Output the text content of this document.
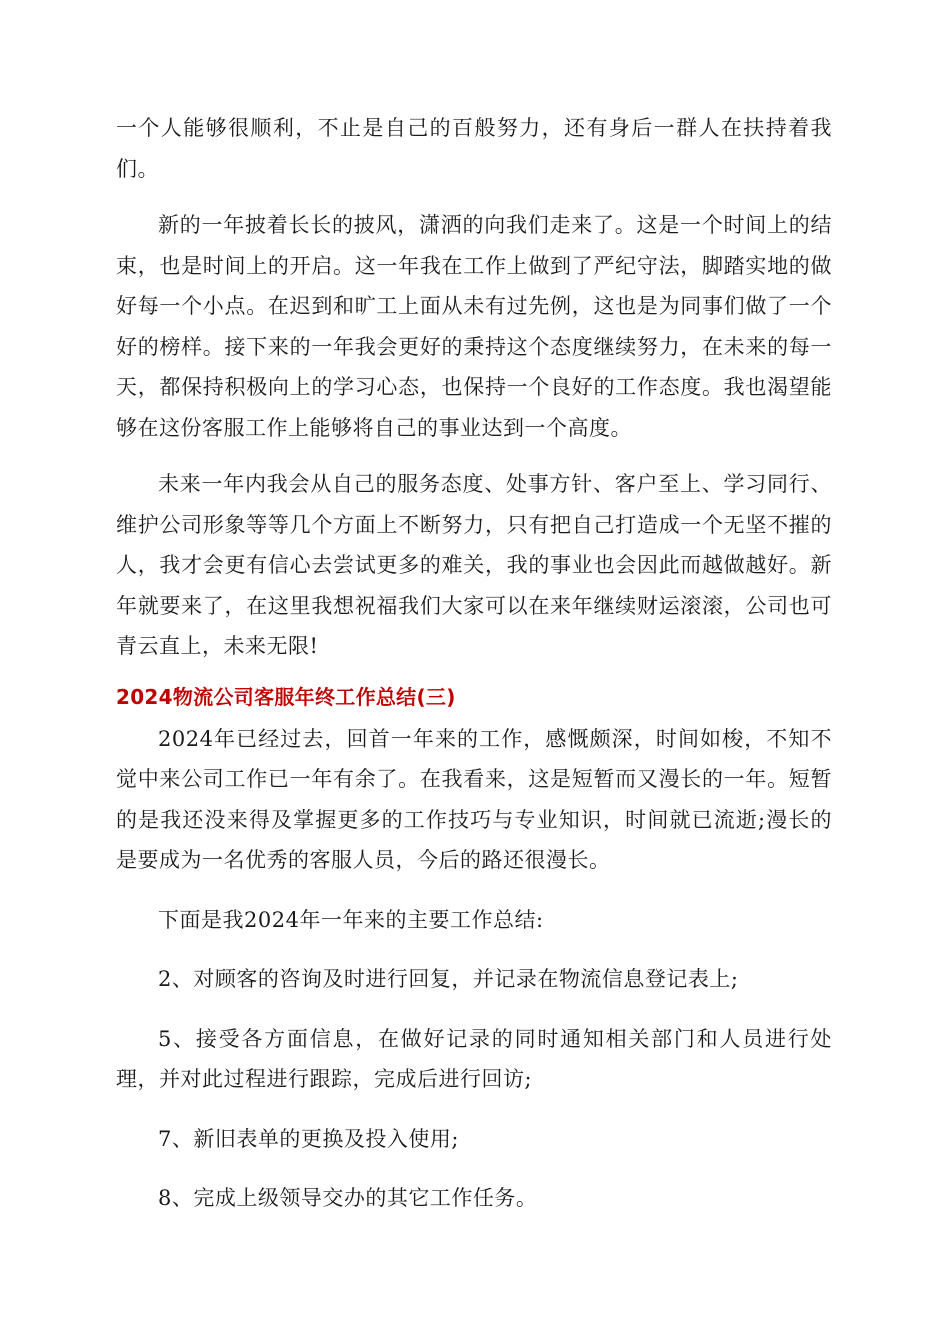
一个人能够很顺利，不止是自己的百般努力，还有身后一群人在扶持着我们。

新的一年披着长长的披风，潇洒的向我们走来了。这是一个时间上的结束，也是时间上的开启。这一年我在工作上做到了严纪守法，脚踏实地的做好每一个小点。在迟到和旷工上面从未有过先例，这也是为同事们做了一个好的榜样。接下来的一年我会更好的秉持这个态度继续努力，在未来的每一天，都保持积极向上的学习心态，也保持一个良好的工作态度。我也渴望能够在这份客服工作上能够将自己的事业达到一个高度。

未来一年内我会从自己的服务态度、处事方针、客户至上、学习同行、维护公司形象等等几个方面上不断努力，只有把自己打造成一个无坚不摧的人，我才会更有信心去尝试更多的难关，我的事业也会因此而越做越好。新年就要来了，在这里我想祝福我们大家可以在来年继续财运滚滚，公司也可青云直上，未来无限!

2024物流公司客服年终工作总结(三)

2024年已经过去，回首一年来的工作，感慨颇深，时间如梭，不知不觉中来公司工作已一年有余了。在我看来，这是短暂而又漫长的一年。短暂的是我还没来得及掌握更多的工作技巧与专业知识，时间就已流逝;漫长的是要成为一名优秀的客服人员，今后的路还很漫长。

下面是我2024年一年来的主要工作总结:

2、对顾客的咨询及时进行回复，并记录在物流信息登记表上;

5、接受各方面信息，在做好记录的同时通知相关部门和人员进行处理，并对此过程进行跟踪，完成后进行回访;

7、新旧表单的更换及投入使用;

8、完成上级领导交办的其它工作任务。
